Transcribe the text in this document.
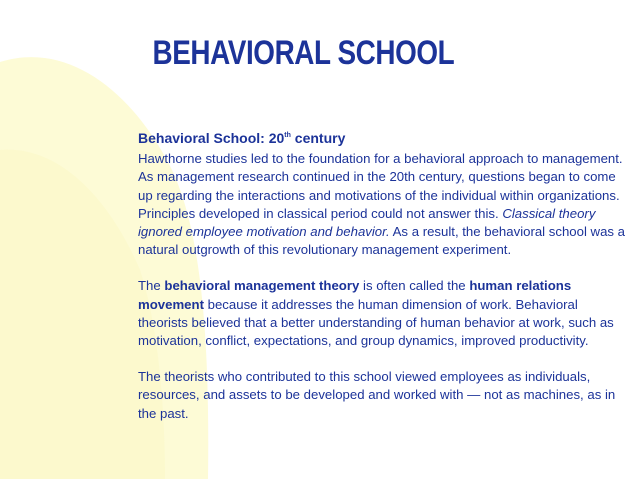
BEHAVIORAL SCHOOL
Behavioral School: 20th century

Hawthorne studies led to the foundation for a behavioral approach to management. As management research continued in the 20th century, questions began to come up regarding the interactions and motivations of the individual within organizations. Principles developed in classical period could not answer this. Classical theory ignored employee motivation and behavior. As a result, the behavioral school was a natural outgrowth of this revolutionary management experiment.

The behavioral management theory is often called the human relations movement because it addresses the human dimension of work. Behavioral theorists believed that a better understanding of human behavior at work, such as motivation, conflict, expectations, and group dynamics, improved productivity.

The theorists who contributed to this school viewed employees as individuals, resources, and assets to be developed and worked with — not as machines, as in the past.
